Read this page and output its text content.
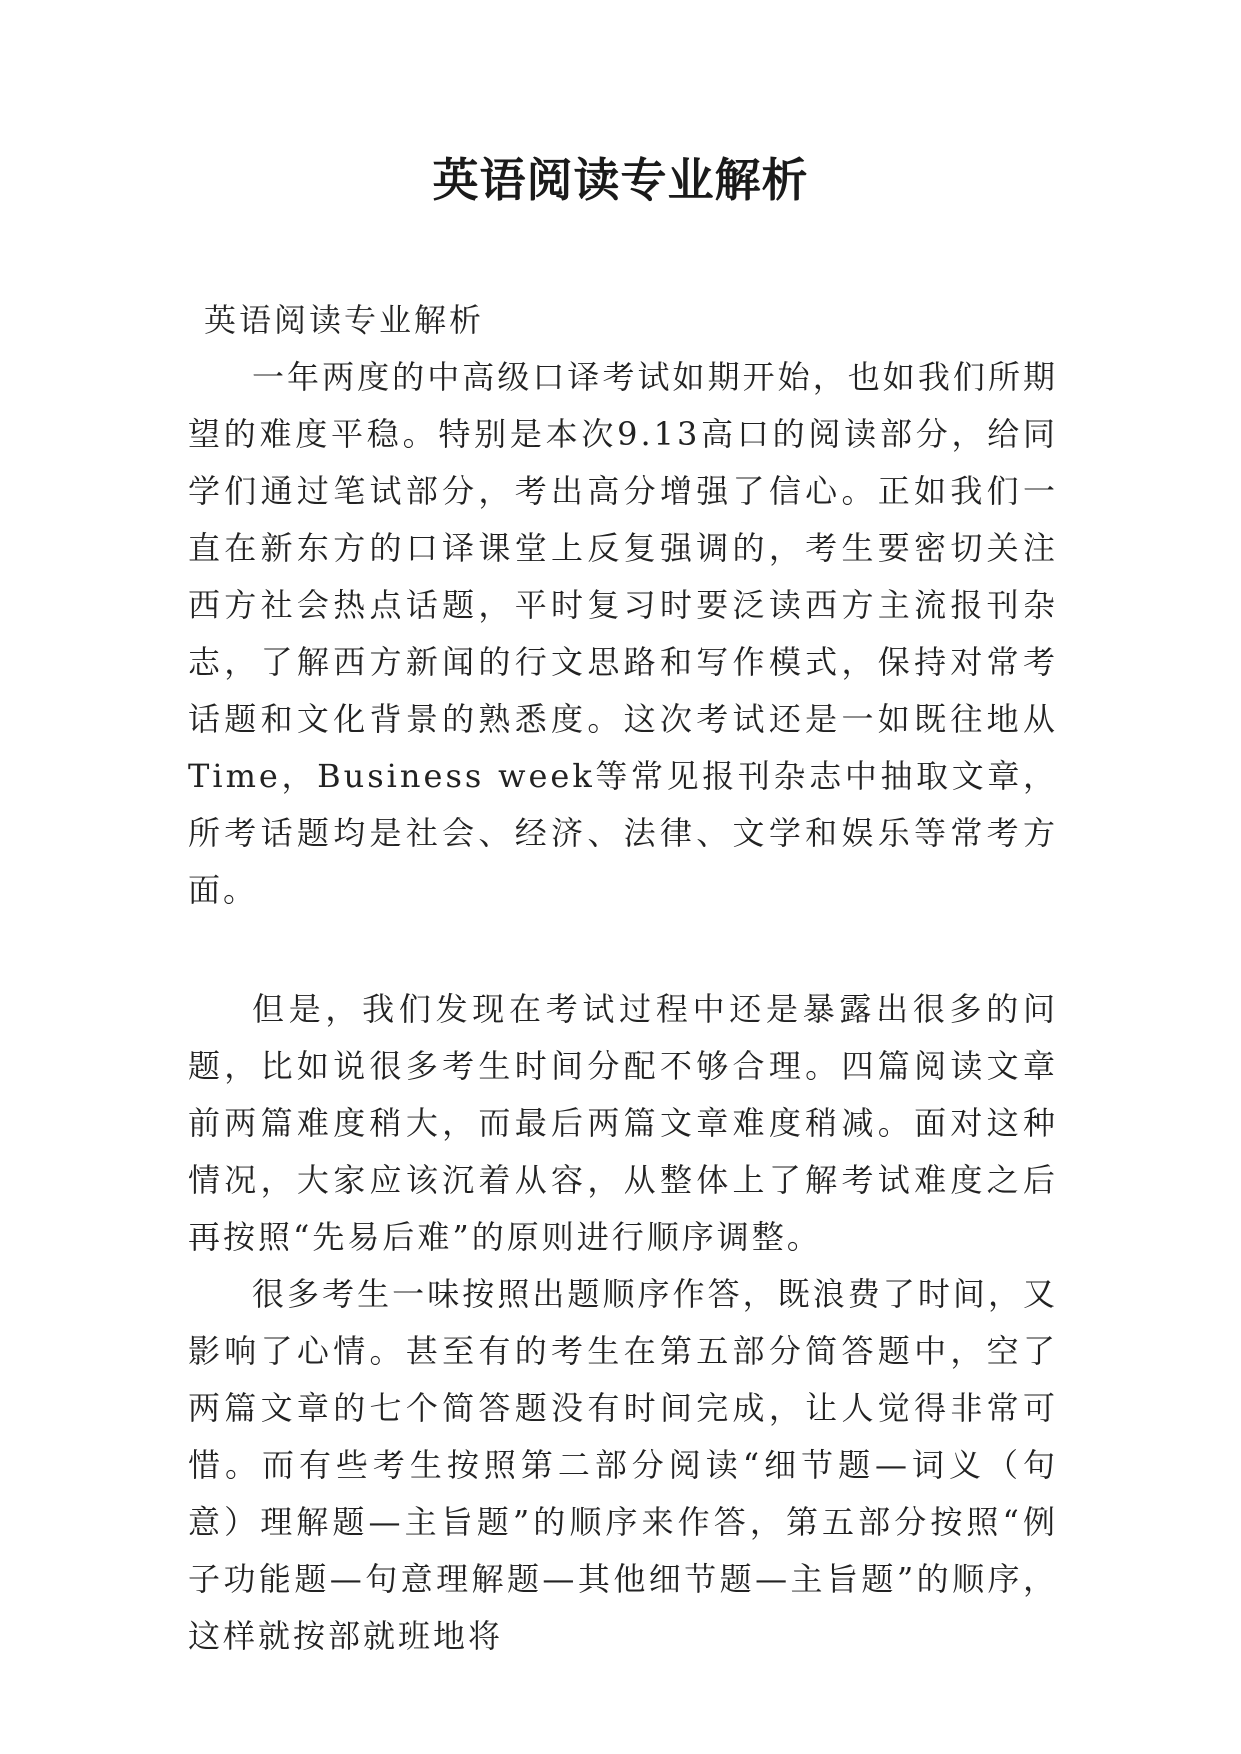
英语阅读专业解析

英语阅读专业解析

一年两度的中高级口译考试如期开始，也如我们所期望的难度平稳。特别是本次9.13高口的阅读部分，给同学们通过笔试部分，考出高分增强了信心。正如我们一直在新东方的口译课堂上反复强调的，考生要密切关注西方社会热点话题，平时复习时要泛读西方主流报刊杂志，了解西方新闻的行文思路和写作模式，保持对常考话题和文化背景的熟悉度。这次考试还是一如既往地从Time，Business week等常见报刊杂志中抽取文章，所考话题均是社会、经济、法律、文学和娱乐等常考方面。

但是，我们发现在考试过程中还是暴露出很多的问题，比如说很多考生时间分配不够合理。四篇阅读文章前两篇难度稍大，而最后两篇文章难度稍减。面对这种情况，大家应该沉着从容，从整体上了解考试难度之后再按照“先易后难”的原则进行顺序调整。

很多考生一味按照出题顺序作答，既浪费了时间，又影响了心情。甚至有的考生在第五部分简答题中，空了两篇文章的七个简答题没有时间完成，让人觉得非常可惜。而有些考生按照第二部分阅读“细节题—词义（句意）理解题—主旨题”的顺序来作答，第五部分按照“例子功能题—句意理解题—其他细节题—主旨题”的顺序，这样就按部就班地将
